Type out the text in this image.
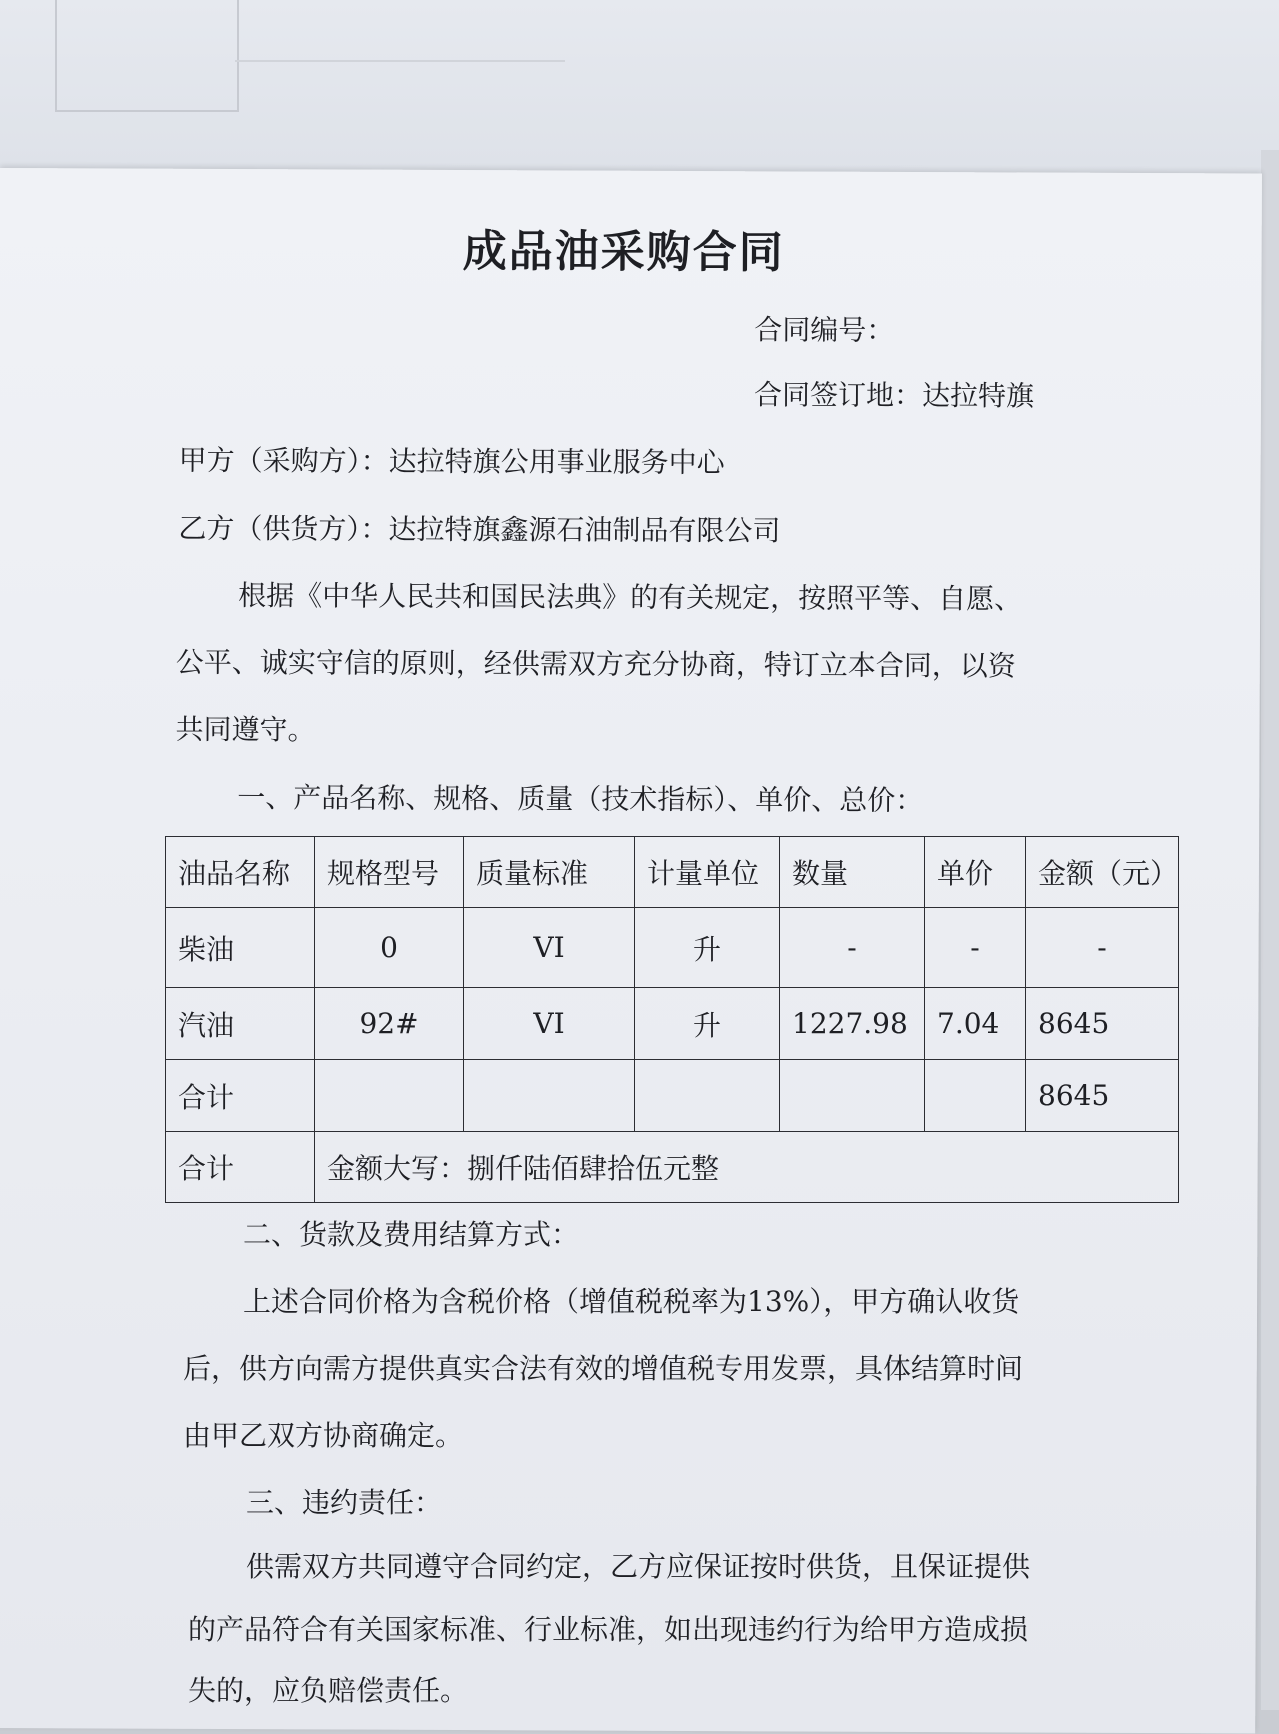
成品油采购合同
合同编号：
合同签订地：达拉特旗
甲方（采购方）：达拉特旗公用事业服务中心
乙方（供货方）：达拉特旗鑫源石油制品有限公司
根据《中华人民共和国民法典》的有关规定，按照平等、自愿、
公平、诚实守信的原则，经供需双方充分协商，特订立本合同，以资
共同遵守。
一、产品名称、规格、质量（技术指标）、单价、总价：
油品名称	规格型号	质量标准	计量单位	数量	单价	金额（元）
柴油	0	VI	升	-	-	-
汽油	92#	VI	升	1227.98	7.04	8645
合计						8645
合计	金额大写：捌仟陆佰肆拾伍元整					
二、货款及费用结算方式：
上述合同价格为含税价格（增值税税率为13%），甲方确认收货
后，供方向需方提供真实合法有效的增值税专用发票，具体结算时间
由甲乙双方协商确定。
三、违约责任：
供需双方共同遵守合同约定，乙方应保证按时供货，且保证提供
的产品符合有关国家标准、行业标准，如出现违约行为给甲方造成损
失的，应负赔偿责任。
